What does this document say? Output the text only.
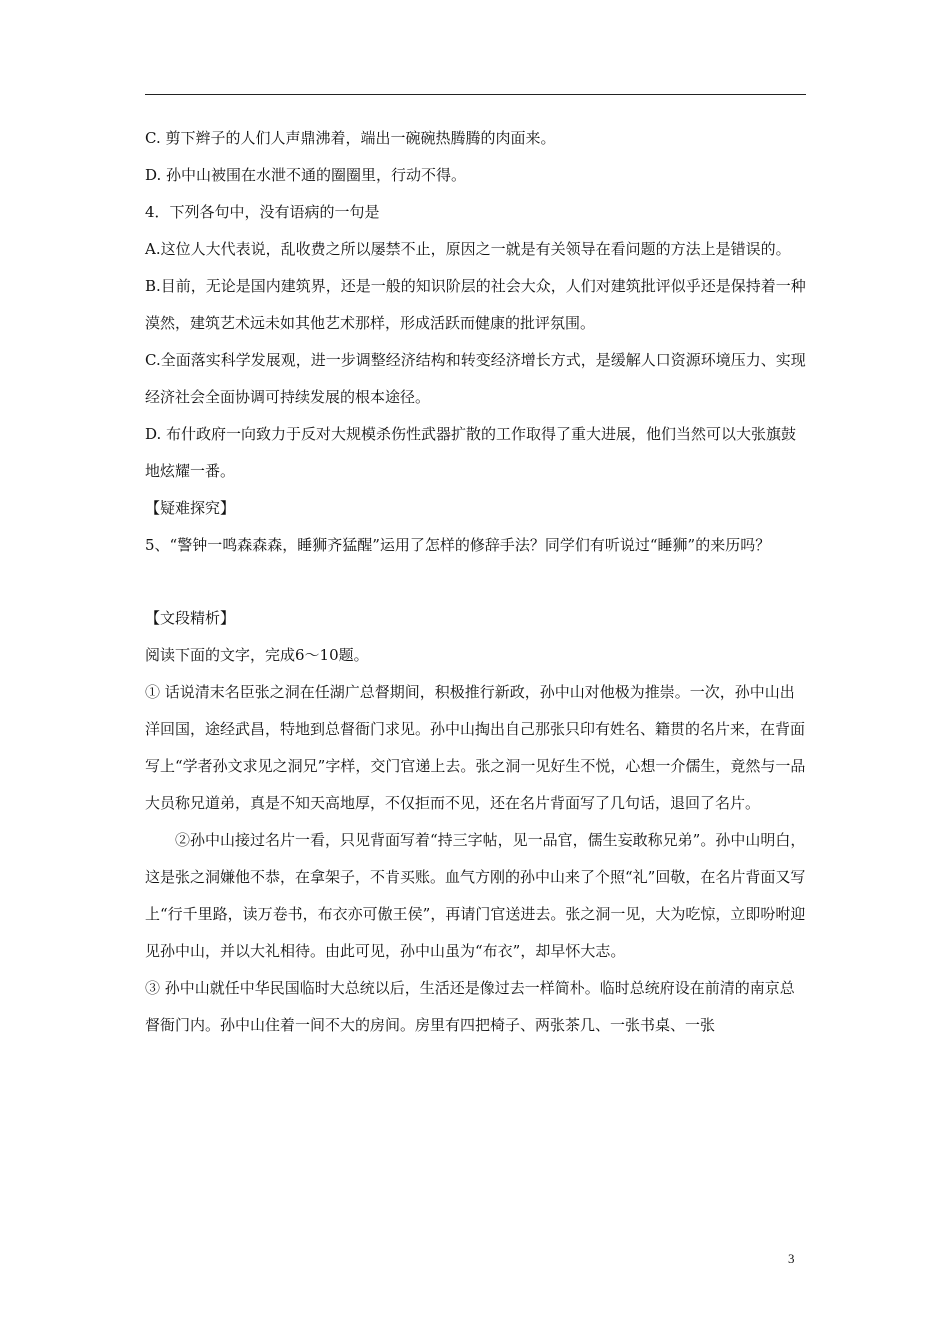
C. 剪下辫子的人们人声鼎沸着，端出一碗碗热腾腾的肉面来。

D. 孙中山被围在水泄不通的圈圈里，行动不得。

4．下列各句中，没有语病的一句是

A.这位人大代表说，乱收费之所以屡禁不止，原因之一就是有关领导在看问题的方法上是错误的。

B.目前，无论是国内建筑界，还是一般的知识阶层的社会大众，人们对建筑批评似乎还是保持着一种漠然，建筑艺术远未如其他艺术那样，形成活跃而健康的批评氛围。

C.全面落实科学发展观，进一步调整经济结构和转变经济增长方式，是缓解人口资源环境压力、实现经济社会全面协调可持续发展的根本途径。

D. 布什政府一向致力于反对大规模杀伤性武器扩散的工作取得了重大进展，他们当然可以大张旗鼓地炫耀一番。

【疑难探究】

5、“警钟一鸣森森森，睡狮齐猛醒”运用了怎样的修辞手法？同学们有听说过“睡狮”的来历吗？

【文段精析】

阅读下面的文字，完成6～10题。

① 话说清末名臣张之洞在任湖广总督期间，积极推行新政，孙中山对他极为推崇。一次，孙中山出洋回国，途经武昌，特地到总督衙门求见。孙中山掏出自己那张只印有姓名、籍贯的名片来，在背面写上“学者孙文求见之洞兄”字样，交门官递上去。张之洞一见好生不悦，心想一介儒生，竟然与一品大员称兄道弟，真是不知天高地厚，不仅拒而不见，还在名片背面写了几句话，退回了名片。

②孙中山接过名片一看，只见背面写着“持三字帖，见一品官，儒生妄敢称兄弟”。孙中山明白，这是张之洞嫌他不恭，在拿架子，不肯买账。血气方刚的孙中山来了个照“礼”回敬，在名片背面又写上“行千里路，读万卷书，布衣亦可傲王侯”，再请门官送进去。张之洞一见，大为吃惊，立即吩咐迎见孙中山，并以大礼相待。由此可见，孙中山虽为“布衣”，却早怀大志。

③ 孙中山就任中华民国临时大总统以后，生活还是像过去一样简朴。临时总统府设在前清的南京总督衙门内。孙中山住着一间不大的房间。房里有四把椅子、两张茶几、一张书桌、一张

3
